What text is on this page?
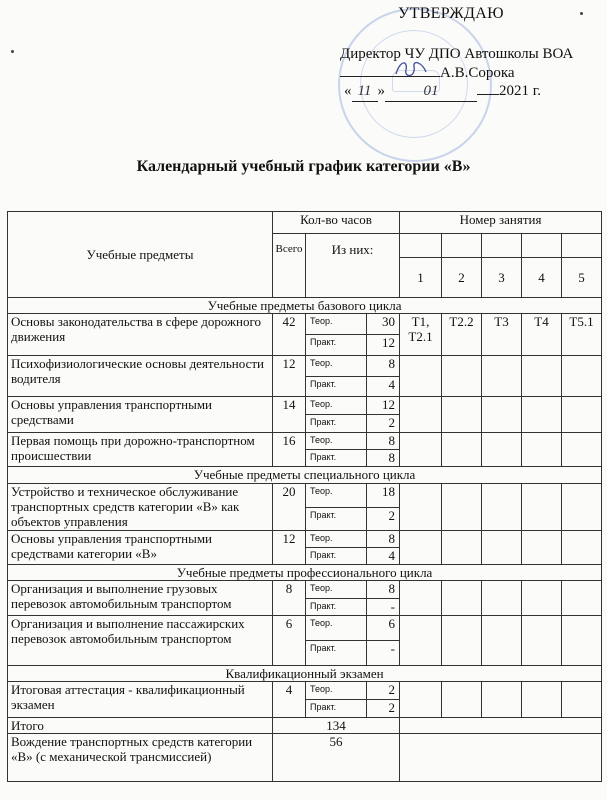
УТВЕРЖДАЮ
Директор ЧУ ДПО Автошколы ВОА
А.В.Сорока
« 11 »	01	2021 г.
Календарный учебный график категории «В»
Учебные предметы	Кол-во часов			Номер занятия				
	Всего	Из них:						
				1	2	3	4	5
Учебные предметы базового цикла								
Основы законодательства в сфере дорожного движения	42	Теор.	30	Т1, Т2.1	Т2.2	Т3	Т4	Т5.1
		Практ.	12					
Психофизиологические основы деятельности водителя	12	Теор.	8					
		Практ.	4					
Основы управления транспортными средствами	14	Теор.	12					
		Практ.	2					
Первая помощь при дорожно-транспортном происшествии	16	Теор.	8					
		Практ.	8					
Учебные предметы специального цикла								
Устройство и техническое обслуживание транспортных средств категории «В» как объектов управления	20	Теор.	18					
		Практ.	2					
Основы управления транспортными средствами категории «В»	12	Теор.	8					
		Практ.	4					
Учебные предметы профессионального цикла								
Организация и выполнение грузовых перевозок автомобильным транспортом	8	Теор.	8					
		Практ.	-					
Организация и выполнение пассажирских перевозок автомобильным транспортом	6	Теор.	6					
		Практ.	-					
Квалификационный экзамен								
Итоговая аттестация - квалификационный экзамен	4	Теор.	2					
		Практ.	2					
Итого	134							
Вождение транспортных средств категории «В» (с механической трансмиссией)	56							
